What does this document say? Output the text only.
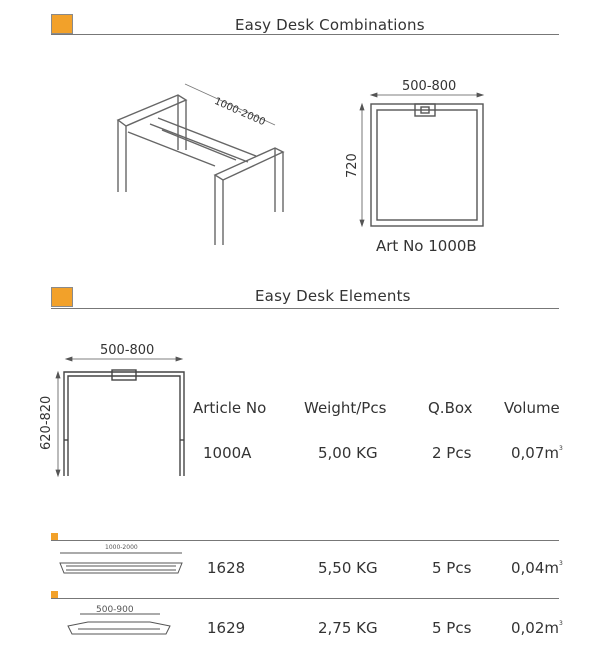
Easy Desk Combinations
1000-2000
500-800
720
Art No 1000B
Easy Desk Elements
500-800
620-820	Article No	Weight/Pcs	Q.Box Volume
1000A	5,00 KG	2 Pcs	$0,07m^3$
1000-2000
1628	5,50 KG	5 Pcs	$0,04m^3$
500-900
1629	2,75 KG	5 Pcs	$0,02m^3$
